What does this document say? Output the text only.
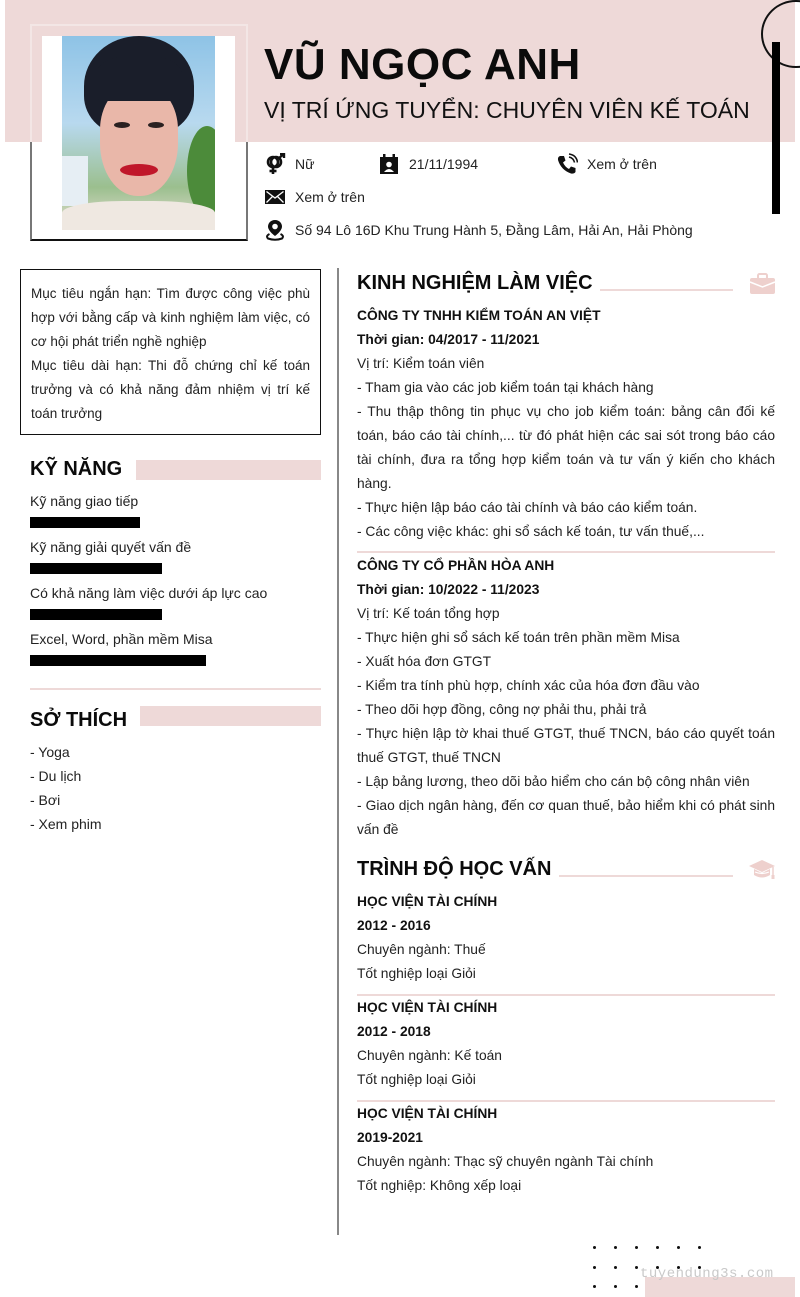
VŨ NGỌC ANH
VỊ TRÍ ỨNG TUYỂN: CHUYÊN VIÊN KẾ TOÁN
Nữ	21/11/1994	Xem ở trên
Xem ở trên
Số 94 Lô 16D Khu Trung Hành 5, Đằng Lâm, Hải An, Hải Phòng

Mục tiêu ngắn hạn: Tìm được công việc phù hợp với bằng cấp và kinh nghiệm làm việc, có cơ hội phát triển nghề nghiệp

Mục tiêu dài hạn: Thi đỗ chứng chỉ kế toán trưởng và có khả năng đảm nhiệm vị trí kế toán trưởng

KỸ NĂNG
Kỹ năng giao tiếp
Kỹ năng giải quyết vấn đề
Có khả năng làm việc dưới áp lực cao
Excel, Word, phần mềm Misa
SỞ THÍCH
- Yoga
- Du lịch
- Bơi
- Xem phim
KINH NGHIỆM LÀM VIỆC
CÔNG TY TNHH KIỂM TOÁN AN VIỆT
Thời gian: 04/2017 - 11/2021
Vị trí: Kiểm toán viên
- Tham gia vào các job kiểm toán tại khách hàng
- Thu thập thông tin phục vụ cho job kiểm toán: bảng cân đối kế toán, báo cáo tài chính,... từ đó phát hiện các sai sót trong báo cáo tài chính, đưa ra tổng hợp kiểm toán và tư vấn ý kiến cho khách hàng.
- Thực hiện lập báo cáo tài chính và báo cáo kiểm toán.
- Các công việc khác: ghi sổ sách kế toán, tư vấn thuế,...
CÔNG TY CỔ PHẦN HÒA ANH
Thời gian: 10/2022 - 11/2023
Vị trí: Kế toán tổng hợp
- Thực hiện ghi sổ sách kế toán trên phần mềm Misa
- Xuất hóa đơn GTGT
- Kiểm tra tính phù hợp, chính xác của hóa đơn đầu vào
- Theo dõi hợp đồng, công nợ phải thu, phải trả
- Thực hiện lập tờ khai thuế GTGT, thuế TNCN, báo cáo quyết toán thuế GTGT, thuế TNCN
- Lập bảng lương, theo dõi bảo hiểm cho cán bộ công nhân viên
- Giao dịch ngân hàng, đến cơ quan thuế, bảo hiểm khi có phát sinh vấn đề
TRÌNH ĐỘ HỌC VẤN
HỌC VIỆN TÀI CHÍNH
2012 - 2016
Chuyên ngành: Thuế
Tốt nghiệp loại Giỏi
HỌC VIỆN TÀI CHÍNH
2012 - 2018
Chuyên ngành: Kế toán
Tốt nghiệp loại Giỏi
HỌC VIỆN TÀI CHÍNH
2019-2021
Chuyên ngành: Thạc sỹ chuyên ngành Tài chính
Tốt nghiệp: Không xếp loại
tuyendung3s.com
